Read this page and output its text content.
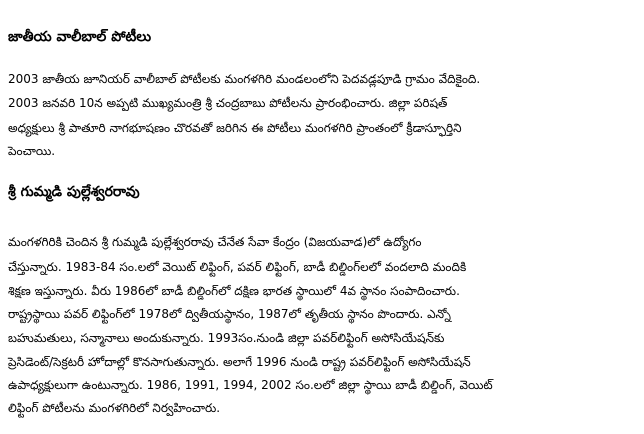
జాతీయ వాలీబాల్ పోటీలు

2003 జాతీయ జూనియర్ వాలీబాల్ పోటీలకు మంగళగిరి మండలంలోని పెదవడ్లపూడి గ్రామం వేదికైంది.

2003 జనవరి 10న అప్పటి ముఖ్యమంత్రి శ్రీ చంద్రబాబు పోటీలను ప్రారంభించారు. జిల్లా పరిషత్

అధ్యక్షులు శ్రీ పాతూరి నాగభూషణం చొరవతో జరిగిన ఈ పోటీలు మంగళగిరి ప్రాంతంలో క్రీడాస్ఫూర్తిని

పెంచాయి.

శ్రీ గుమ్మడి పుల్లేశ్వరరావు

మంగళగిరికి చెందిన శ్రీ గుమ్మడి పుల్లేశ్వరరావు చేనేత సేవా కేంద్రం (విజయవాడ)లో ఉద్యోగం

చేస్తున్నారు. 1983-84 సం.లలో వెయిట్ లిఫ్టింగ్, పవర్ లిఫ్టింగ్, బాడీ బిల్డింగ్‌లలో వందలాది మందికి

శిక్షణ ఇస్తున్నారు. వీరు 1986లో బాడీ బిల్డింగ్‌లో దక్షిణ భారత స్థాయిలో 4వ స్థానం సంపాదించారు.

రాష్ట్రస్థాయి పవర్ లిఫ్టింగ్‌లో 1978లో ద్వితీయస్థానం, 1987లో తృతీయ స్థానం పొందారు. ఎన్నో

బహుమతులు, సన్మానాలు అందుకున్నారు. 1993సం.నుండి జిల్లా పవర్‌లిఫ్టింగ్ అసోసియేషన్‌కు

ప్రెసిడెంట్/సెక్రటరీ హోదాల్లో కొనసాగుతున్నారు. అలాగే 1996 నుండి రాష్ట్ర పవర్‌లిఫ్టింగ్ అసోసియేషన్

ఉపాధ్యక్షులుగా ఉంటున్నారు. 1986, 1991, 1994, 2002 సం.లలో జిల్లా స్థాయి బాడీ బిల్డింగ్, వెయిట్

లిఫ్టింగ్ పోటీలను మంగళగిరిలో నిర్వహించారు.
